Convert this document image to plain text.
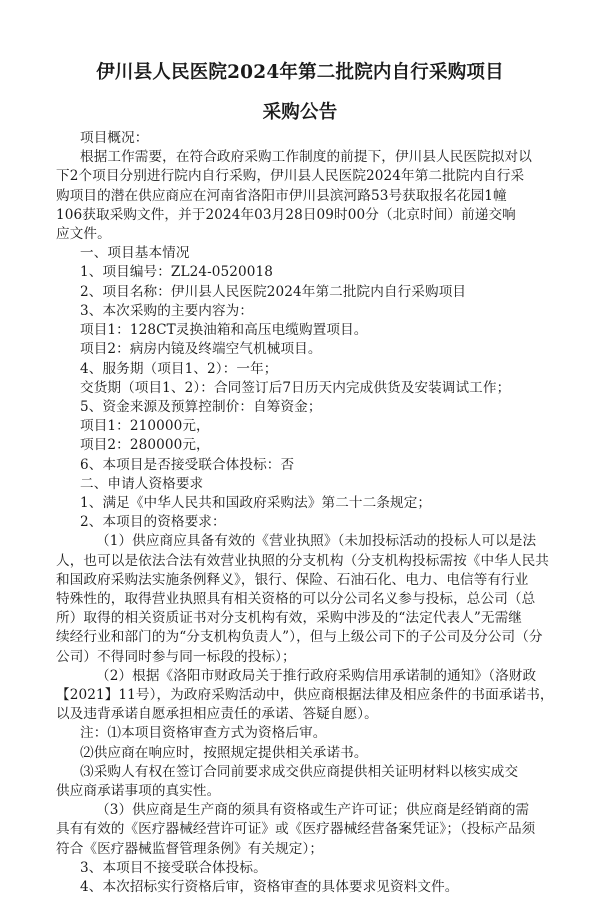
伊川县人民医院2024年第二批院内自行采购项目
采购公告
项目概况：
根据工作需要，在符合政府采购工作制度的前提下，伊川县人民医院拟对以
下2个项目分别进行院内自行采购，伊川县人民医院2024年第二批院内自行采
购项目的潜在供应商应在河南省洛阳市伊川县滨河路53号获取报名花园1幢
106获取采购文件，并于2024年03月28日09时00分（北京时间）前递交响
应文件。
一、项目基本情况
1、项目编号：ZL24-0520018
2、项目名称：伊川县人民医院2024年第二批院内自行采购项目
3、本次采购的主要内容为：
项目1：128CT灵换油箱和高压电缆购置项目。
项目2：病房内镜及终端空气机械项目。
4、服务期（项目1、2）：一年；
交货期（项目1、2）：合同签订后7日历天内完成供货及安装调试工作；
5、资金来源及预算控制价：自筹资金；
项目1：210000元，
项目2：280000元，
6、本项目是否接受联合体投标：否
二、申请人资格要求
1、满足《中华人民共和国政府采购法》第二十二条规定；
2、本项目的资格要求：
（1）供应商应具备有效的《营业执照》（未加投标活动的投标人可以是法
人，也可以是依法合法有效营业执照的分支机构（分支机构投标需按《中华人民共
和国政府采购法实施条例释义》，银行、保险、石油石化、电力、电信等有行业
特殊性的，取得营业执照具有相关资格的可以分公司名义参与投标，总公司（总
所）取得的相关资质证书对分支机构有效，采购中涉及的“法定代表人”无需继
续经行业和部门的为“分支机构负责人”），但与上级公司下的子公司及分公司（分
公司）不得同时参与同一标段的投标）；
（2）根据《洛阳市财政局关于推行政府采购信用承诺制的通知》（洛财政
【2021】11号），为政府采购活动中，供应商根据法律及相应条件的书面承诺书，
以及违背承诺自愿承担相应责任的承诺、答疑自愿）。
注：⑴本项目资格审查方式为资格后审。
⑵供应商在响应时，按照规定提供相关承诺书。
⑶采购人有权在签订合同前要求成交供应商提供相关证明材料以核实成交
供应商承诺事项的真实性。
（3）供应商是生产商的须具有资格或生产许可证；供应商是经销商的需
具有有效的《医疗器械经营许可证》或《医疗器械经营备案凭证》；（投标产品须
符合《医疗器械监督管理条例》有关规定）；
3、本项目不接受联合体投标。
4、本次招标实行资格后审，资格审查的具体要求见资料文件。
